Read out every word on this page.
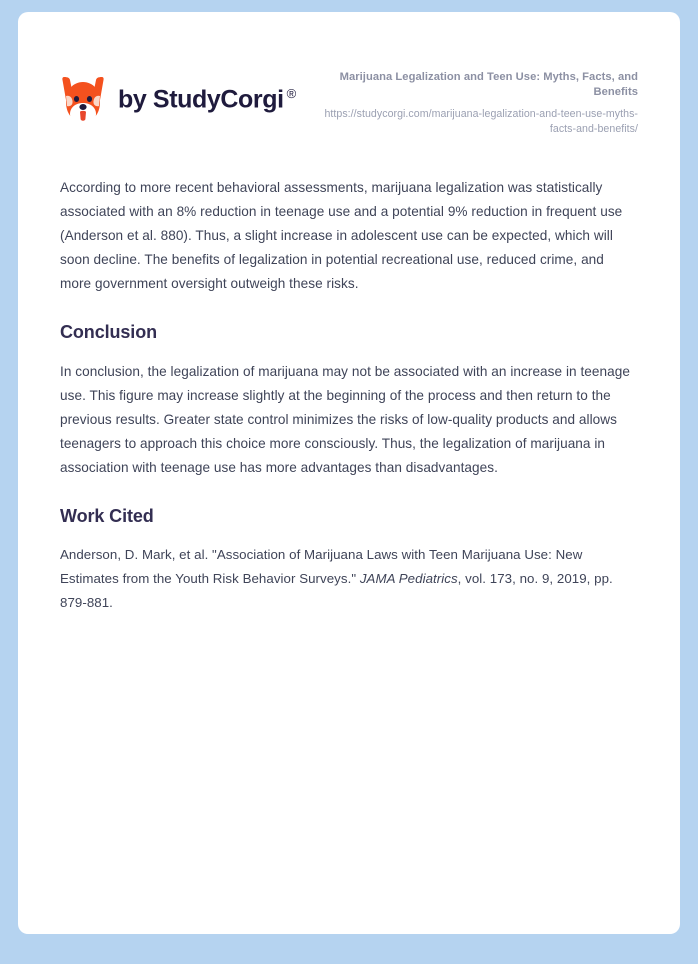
by StudyCorgi ®
Marijuana Legalization and Teen Use: Myths, Facts, and Benefits
https://studycorgi.com/marijuana-legalization-and-teen-use-myths-facts-and-benefits/

According to more recent behavioral assessments, marijuana legalization was statistically associated with an 8% reduction in teenage use and a potential 9% reduction in frequent use (Anderson et al. 880). Thus, a slight increase in adolescent use can be expected, which will soon decline. The benefits of legalization in potential recreational use, reduced crime, and more government oversight outweigh these risks.

Conclusion

In conclusion, the legalization of marijuana may not be associated with an increase in teenage use. This figure may increase slightly at the beginning of the process and then return to the previous results. Greater state control minimizes the risks of low-quality products and allows teenagers to approach this choice more consciously. Thus, the legalization of marijuana in association with teenage use has more advantages than disadvantages.

Work Cited

Anderson, D. Mark, et al. "Association of Marijuana Laws with Teen Marijuana Use: New Estimates from the Youth Risk Behavior Surveys." JAMA Pediatrics, vol. 173, no. 9, 2019, pp. 879-881.
